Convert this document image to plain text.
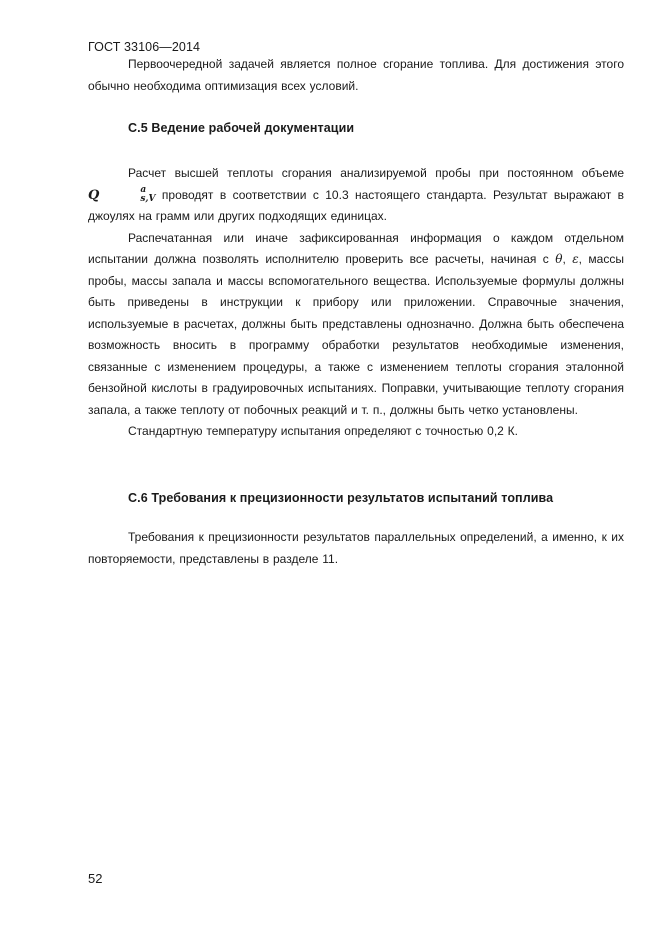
ГОСТ 33106—2014

Первоочередной задачей является полное сгорание топлива. Для достижения этого обычно необходима оптимизация всех условий.

С.5 Ведение рабочей документации

Расчет высшей теплоты сгорания анализируемой пробы при постоянном объеме Q	a
s,V проводят в соответствии с 10.3 настоящего стандарта. Результат выражают в джоулях на грамм или других подходящих единицах.

Распечатанная или иначе зафиксированная информация о каждом отдельном испытании должна позволять исполнителю проверить все расчеты, начиная с θ, ε, массы пробы, массы запала и массы вспомогательного вещества. Используемые формулы должны быть приведены в инструкции к прибору или приложении. Справочные значения, используемые в расчетах, должны быть представлены однозначно. Должна быть обеспечена возможность вносить в программу обработки результатов необходимые изменения, связанные с изменением процедуры, а также с изменением теплоты сгорания эталонной бензойной кислоты в градуировочных испытаниях. Поправки, учитывающие теплоту сгорания запала, а также теплоту от побочных реакций и т. п., должны быть четко установлены.

Стандартную температуру испытания определяют с точностью 0,2 К.

С.6 Требования к прецизионности результатов испытаний топлива

Требования к прецизионности результатов параллельных определений, а именно, к их повторяемости, представлены в разделе 11.

52
